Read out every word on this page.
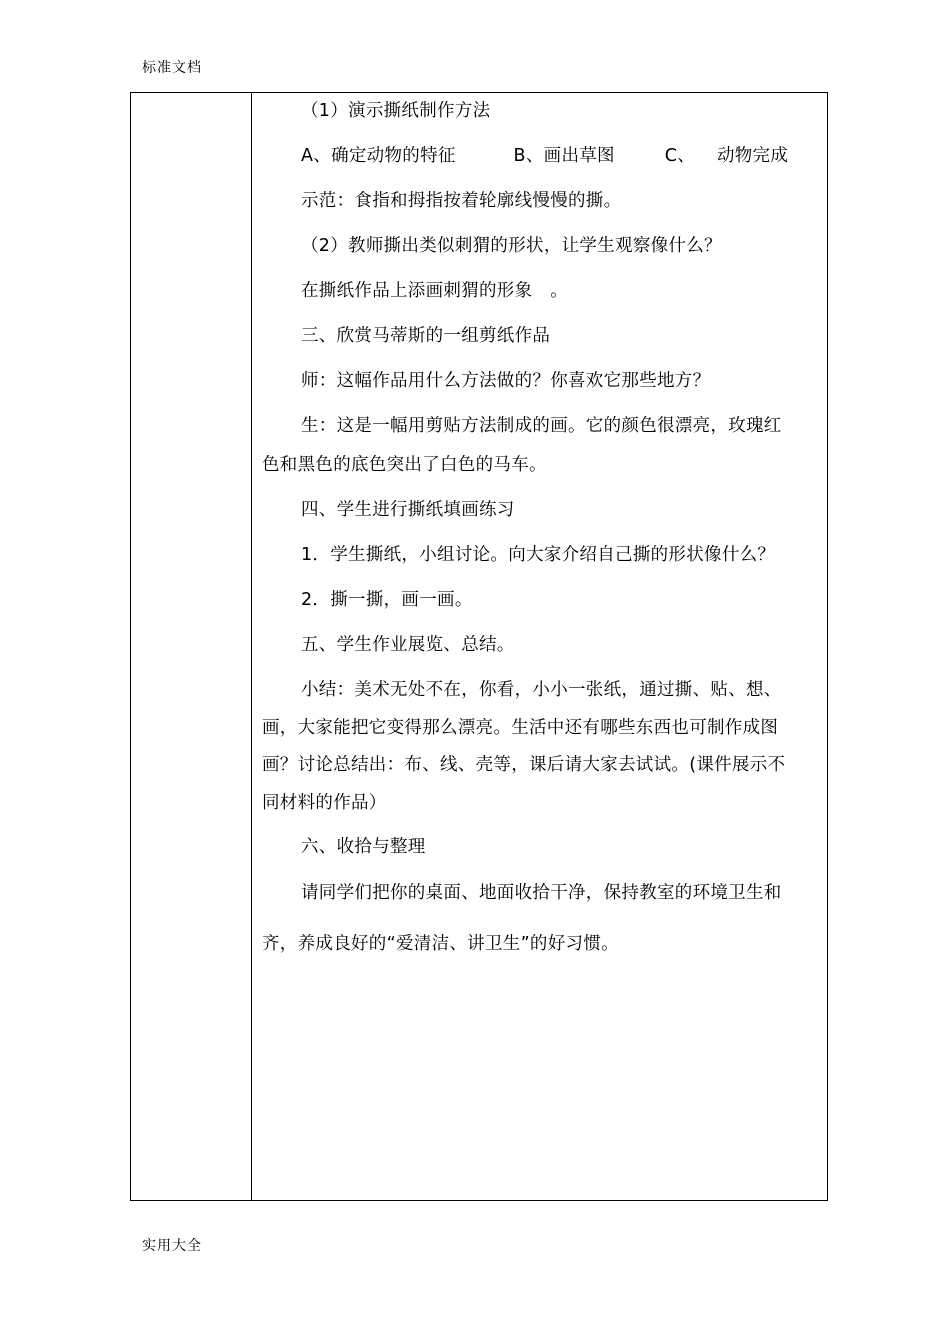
标准文档
（1）演示撕纸制作方法
A、确定动物的特征	B、画出草图	C、 动物完成
示范：食指和拇指按着轮廓线慢慢的撕。
（2）教师撕出类似刺猬的形状，让学生观察像什么？
在撕纸作品上添画刺猬的形象　。
三、欣赏马蒂斯的一组剪纸作品
师：这幅作品用什么方法做的？你喜欢它那些地方？
生：这是一幅用剪贴方法制成的画。它的颜色很漂亮，玫瑰红
色和黑色的底色突出了白色的马车。
四、学生进行撕纸填画练习
1．学生撕纸，小组讨论。向大家介绍自己撕的形状像什么？
2．撕一撕，画一画。
五、学生作业展览、总结。
小结：美术无处不在，你看，小小一张纸，通过撕、贴、想、
画，大家能把它变得那么漂亮。生活中还有哪些东西也可制作成图
画？讨论总结出：布、线、壳等，课后请大家去试试。(课件展示不
同材料的作品）
六、收拾与整理
请同学们把你的桌面、地面收拾干净，保持教室的环境卫生和
齐，养成良好的“爱清洁、讲卫生”的好习惯。
实用大全
